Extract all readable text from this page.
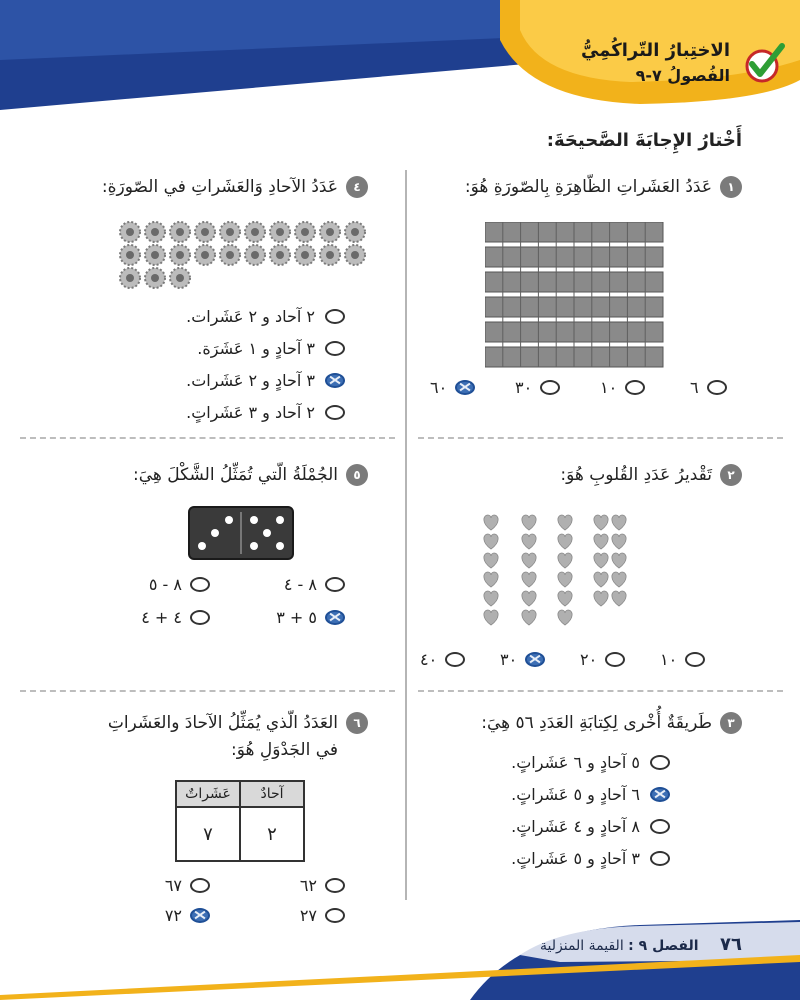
الاختِبارُ التّراكُمِيُّ
الفُصولُ ٧-٩
أَخْتارُ الإِجابَةَ الصَّحيحَةَ:
١عَدَدُ العَشَراتِ الظّاهِرَةِ بِالصّورَةِ هُوَ:
٦
١٠
٣٠
٦٠
٤عَدَدُ الآحادِ وَالعَشَراتِ في الصّورَةِ:
٢ آحاد و ٢ عَشَرات.
٣ آحادٍ و ١ عَشَرَة.
٣ آحادٍ و ٢ عَشَرات.
٢ آحاد و ٣ عَشَراتٍ.
٢تَقْديرُ عَدَدِ القُلوبِ هُوَ:
١٠
٢٠
٣٠
٤٠
٥الجُمْلَةُ الّتي تُمَثِّلُ الشَّكْلَ هِيَ:
٨ - ٤
٨ - ٥
٥ + ٣
٤ + ٤
٣طَريقَةٌ أُخْرى لِكِتابَةِ العَدَدِ ٥٦ هِيَ:
٥ آحادٍ و ٦ عَشَراتٍ.
٦ آحادٍ و ٥ عَشَراتٍ.
٨ آحادٍ و ٤ عَشَراتٍ.
٣ آحادٍ و ٥ عَشَراتٍ.
٦العَدَدُ الّذي يُمَثِّلُ الآحادَ والعَشَراتِ
في الجَدْوَلِ هُوَ:
آحادٌ	عَشَراتٌ
٢	٧
٦٢
٦٧
٢٧
٧٢
الفصل ٩ : القيمة المنزلية	٧٦
